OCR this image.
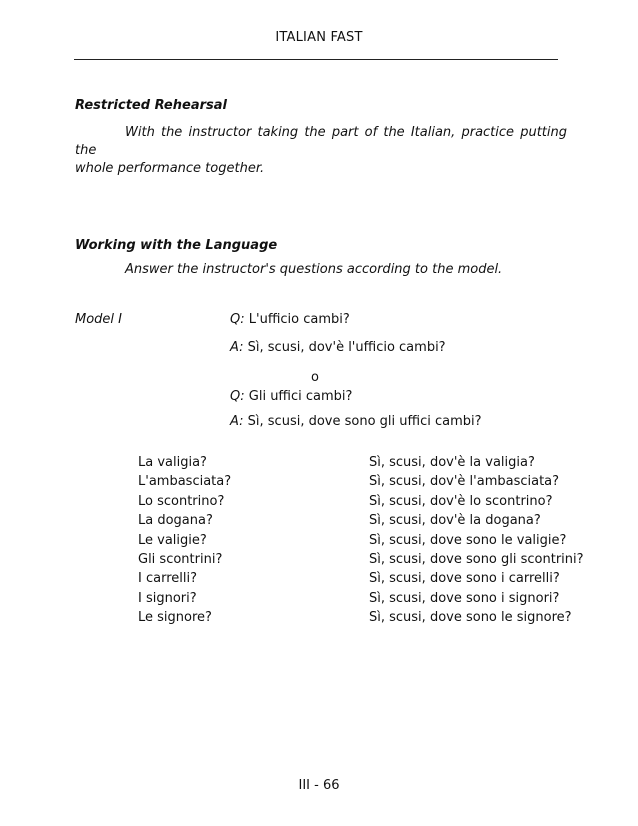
ITALIAN FAST
Restricted Rehearsal
With the instructor taking the part of the Italian, practice putting the
whole performance together.
Working with the Language
Answer the instructor's questions according to the model.
Model I	Q: L'ufficio cambi?
A: Sì, scusi, dov'è l'ufficio cambi?
o
Q: Gli uffici cambi?
A: Sì, scusi, dove sono gli uffici cambi?
La valigia?
L'ambasciata?
Lo scontrino?
La dogana?
Le valigie?
Gli scontrini?
I carrelli?
I signori?
Le signore?
Sì, scusi, dov'è la valigia?
Sì, scusi, dov'è l'ambasciata?
Sì, scusi, dov'è lo scontrino?
Sì, scusi, dov'è la dogana?
Sì, scusi, dove sono le valigie?
Sì, scusi, dove sono gli scontrini?
Sì, scusi, dove sono i carrelli?
Sì, scusi, dove sono i signori?
Sì, scusi, dove sono le signore?
III - 66
